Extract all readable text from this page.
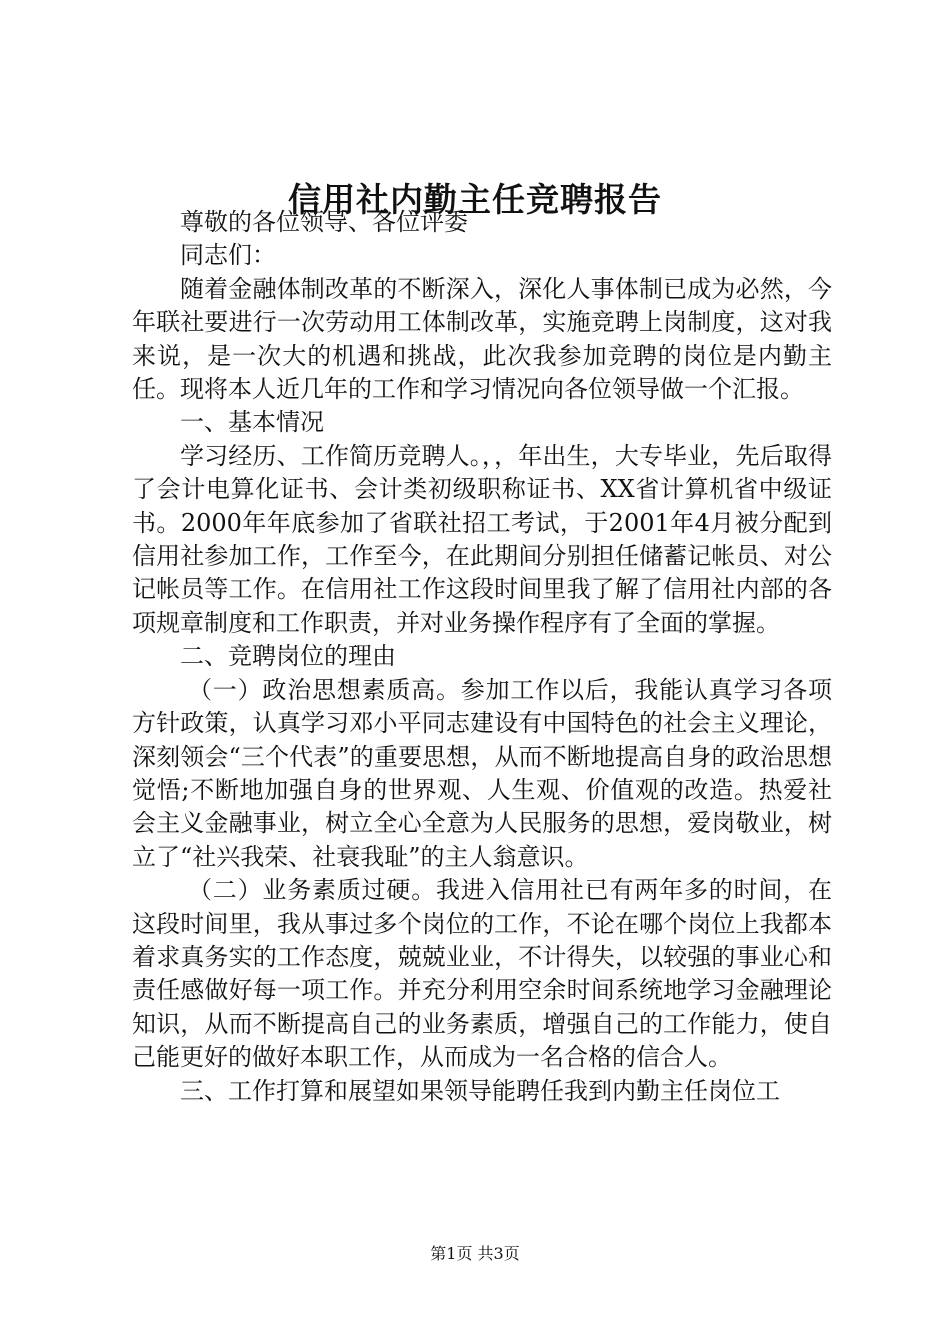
信用社内勤主任竞聘报告

尊敬的各位领导、各位评委

同志们：

随着金融体制改革的不断深入，深化人事体制已成为必然，今年联社要进行一次劳动用工体制改革，实施竞聘上岗制度，这对我来说，是一次大的机遇和挑战，此次我参加竞聘的岗位是内勤主任。现将本人近几年的工作和学习情况向各位领导做一个汇报。

一、基本情况

学习经历、工作简历竞聘人。，，年出生，大专毕业，先后取得了会计电算化证书、会计类初级职称证书、XX省计算机省中级证书。2000年年底参加了省联社招工考试，于2001年4月被分配到信用社参加工作，工作至今，在此期间分别担任储蓄记帐员、对公记帐员等工作。在信用社工作这段时间里我了解了信用社内部的各项规章制度和工作职责，并对业务操作程序有了全面的掌握。

二、竞聘岗位的理由

（一）政治思想素质高。参加工作以后，我能认真学习各项方针政策，认真学习邓小平同志建设有中国特色的社会主义理论，深刻领会“三个代表”的重要思想，从而不断地提高自身的政治思想觉悟;不断地加强自身的世界观、人生观、价值观的改造。热爱社会主义金融事业，树立全心全意为人民服务的思想，爱岗敬业，树立了“社兴我荣、社衰我耻”的主人翁意识。

（二）业务素质过硬。我进入信用社已有两年多的时间，在这段时间里，我从事过多个岗位的工作，不论在哪个岗位上我都本着求真务实的工作态度，兢兢业业，不计得失，以较强的事业心和责任感做好每一项工作。并充分利用空余时间系统地学习金融理论知识，从而不断提高自己的业务素质，增强自己的工作能力，使自己能更好的做好本职工作，从而成为一名合格的信合人。

三、工作打算和展望如果领导能聘任我到内勤主任岗位工

第1页 共3页
